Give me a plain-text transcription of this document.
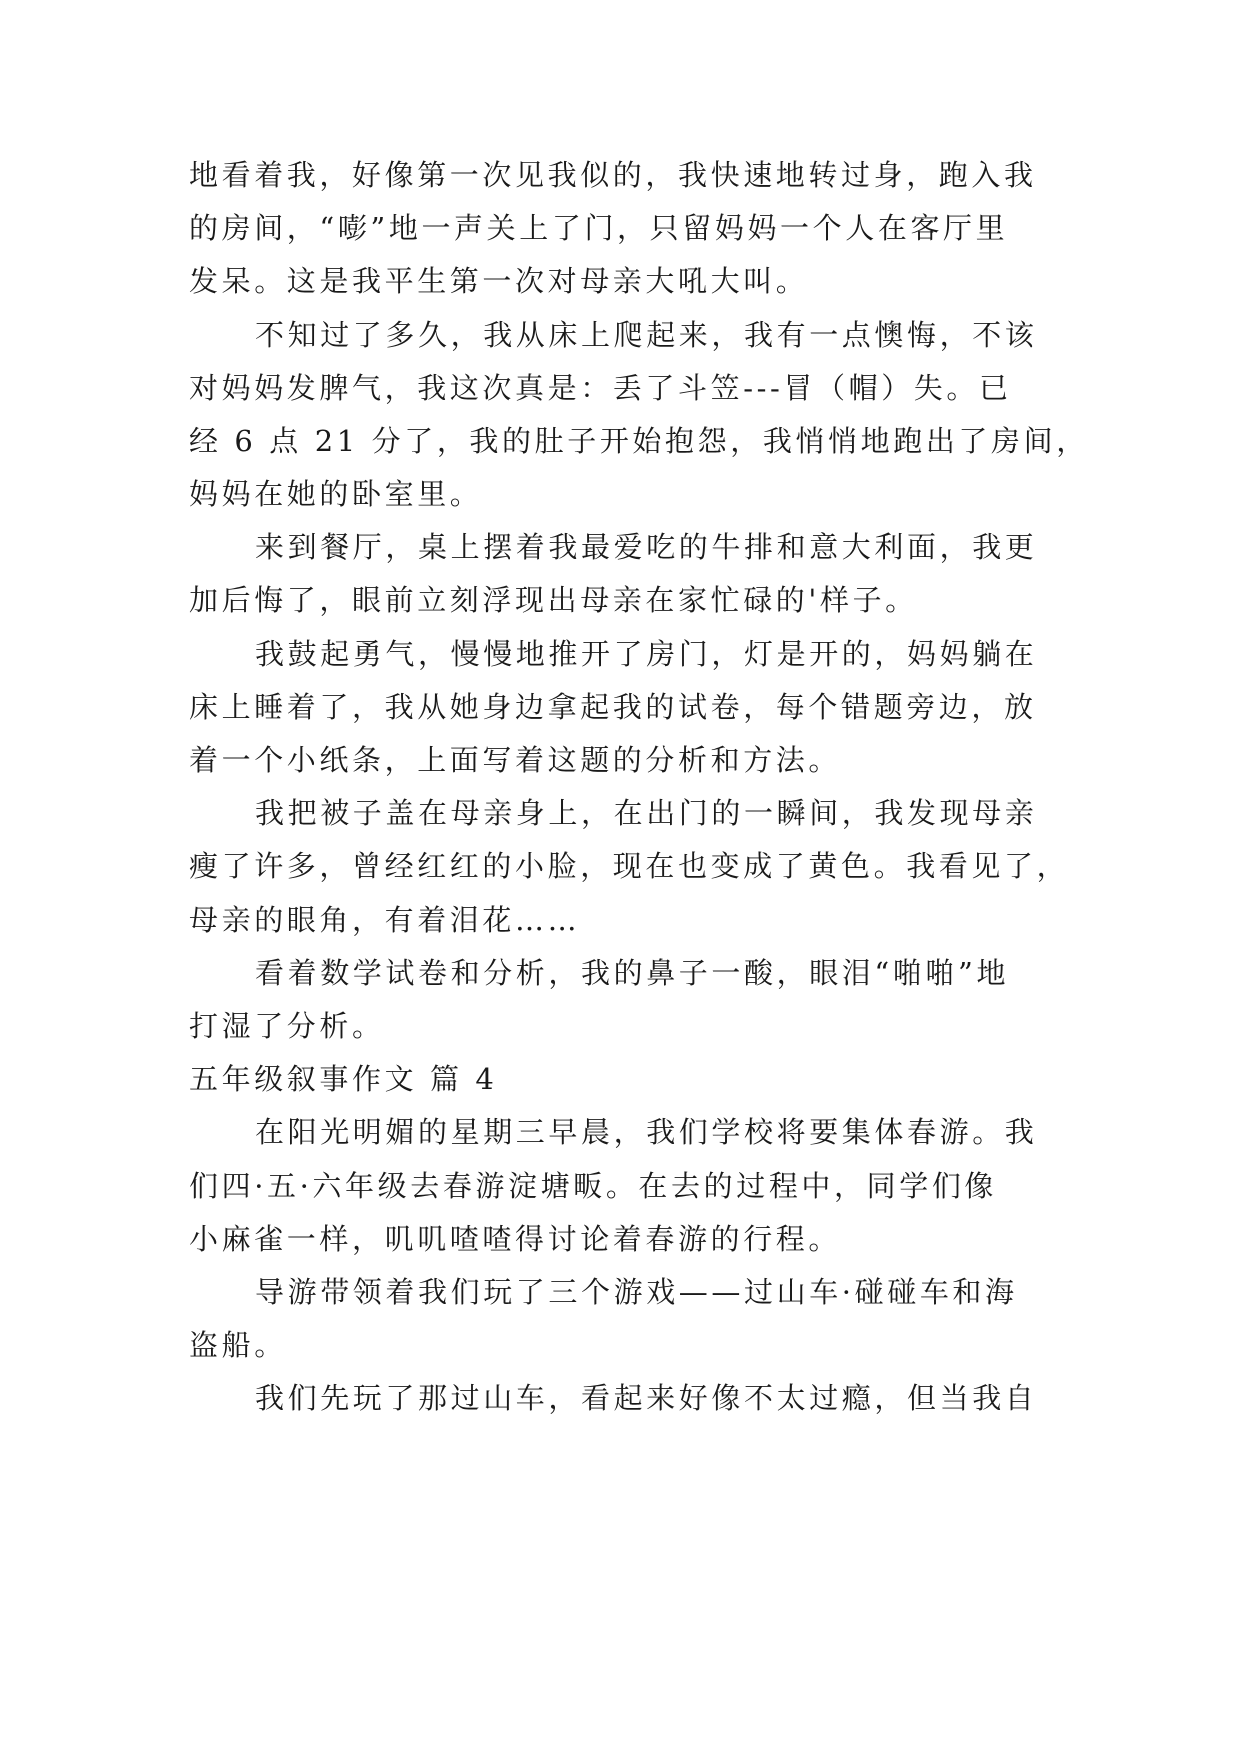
地看着我，好像第一次见我似的，我快速地转过身，跑入我
的房间，“嘭”地一声关上了门，只留妈妈一个人在客厅里
发呆。这是我平生第一次对母亲大吼大叫。
不知过了多久，我从床上爬起来，我有一点懊悔，不该
对妈妈发脾气，我这次真是：丢了斗笠---冒（帽）失。已
经 6 点 21 分了，我的肚子开始抱怨，我悄悄地跑出了房间，
妈妈在她的卧室里。
来到餐厅，桌上摆着我最爱吃的牛排和意大利面，我更
加后悔了，眼前立刻浮现出母亲在家忙碌的'样子。
我鼓起勇气，慢慢地推开了房门，灯是开的，妈妈躺在
床上睡着了，我从她身边拿起我的试卷，每个错题旁边，放
着一个小纸条，上面写着这题的分析和方法。
我把被子盖在母亲身上，在出门的一瞬间，我发现母亲
瘦了许多，曾经红红的小脸，现在也变成了黄色。我看见了，
母亲的眼角，有着泪花……
看着数学试卷和分析，我的鼻子一酸，眼泪“啪啪”地
打湿了分析。
五年级叙事作文 篇 4
在阳光明媚的星期三早晨，我们学校将要集体春游。我
们四·五·六年级去春游淀塘畈。在去的过程中，同学们像
小麻雀一样，叽叽喳喳得讨论着春游的行程。
导游带领着我们玩了三个游戏——过山车·碰碰车和海
盗船。
我们先玩了那过山车，看起来好像不太过瘾，但当我自
